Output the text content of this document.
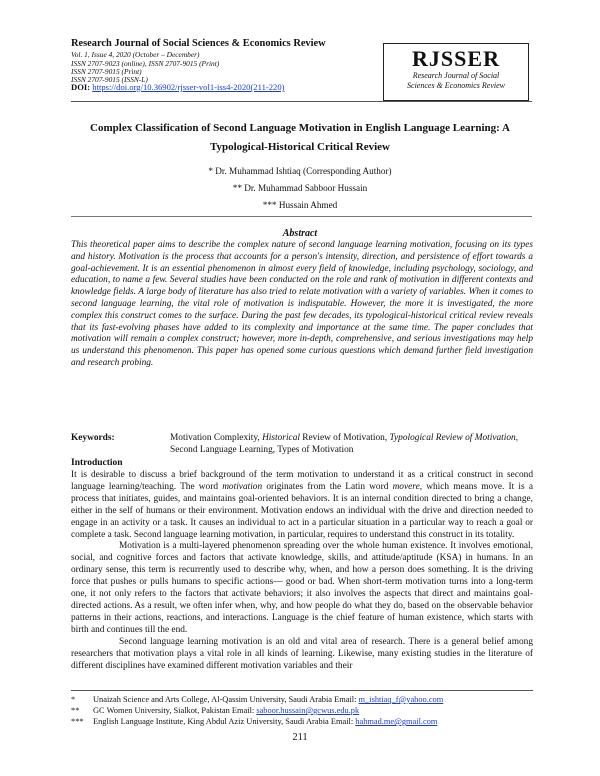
Research Journal of Social Sciences & Economics Review
Vol. 1, Issue 4, 2020 (October – December)
ISSN 2707-9023 (online), ISSN 2707-9015 (Print)
ISSN 2707-9015 (Print)
ISSN 2707-9015 (ISSN-L)
DOI: https://doi.org/10.36902/rjsser-vol1-iss4-2020(211-220)
RJSSER
Research Journal of Social
Sciences & Economics Review
Complex Classification of Second Language Motivation in English Language Learning: A
Typological-Historical Critical Review
* Dr. Muhammad Ishtiaq (Corresponding Author)
** Dr. Muhammad Sabboor Hussain
*** Hussain Ahmed
Abstract
This theoretical paper aims to describe the complex nature of second language learning motivation, focusing on its types and history. Motivation is the process that accounts for a person's intensity, direction, and persistence of effort towards a goal-achievement. It is an essential phenomenon in almost every field of knowledge, including psychology, sociology, and education, to name a few. Several studies have been conducted on the role and rank of motivation in different contexts and knowledge fields. A large body of literature has also tried to relate motivation with a variety of variables. When it comes to second language learning, the vital role of motivation is indisputable. However, the more it is investigated, the more complex this construct comes to the surface. During the past few decades, its typological-historical critical review reveals that its fast-evolving phases have added to its complexity and importance at the same time. The paper concludes that motivation will remain a complex construct; however, more in-depth, comprehensive, and serious investigations may help us understand this phenomenon. This paper has opened some curious questions which demand further field investigation and research probing.
Keywords:	Motivation Complexity, Historical Review of Motivation, Typological Review of Motivation, Second Language Learning, Types of Motivation
Introduction

It is desirable to discuss a brief background of the term motivation to understand it as a critical construct in second language learning/teaching. The word motivation originates from the Latin word movere, which means move. It is a process that initiates, guides, and maintains goal-oriented behaviors. It is an internal condition directed to bring a change, either in the self of humans or their environment. Motivation endows an individual with the drive and direction needed to engage in an activity or a task. It causes an individual to act in a particular situation in a particular way to reach a goal or complete a task. Second language learning motivation, in particular, requires to understand this construct in its totality.

Motivation is a multi-layered phenomenon spreading over the whole human existence. It involves emotional, social, and cognitive forces and factors that activate knowledge, skills, and attitude/aptitude (KSA) in humans. In an ordinary sense, this term is recurrently used to describe why, when, and how a person does something. It is the driving force that pushes or pulls humans to specific actions— good or bad. When short-term motivation turns into a long-term one, it not only refers to the factors that activate behaviors; it also involves the aspects that direct and maintains goal-directed actions. As a result, we often infer when, why, and how people do what they do, based on the observable behavior patterns in their actions, reactions, and interactions. Language is the chief feature of human existence, which starts with birth and continues till the end.

Second language learning motivation is an old and vital area of research. There is a general belief among researchers that motivation plays a vital role in all kinds of learning. Likewise, many existing studies in the literature of different disciplines have examined different motivation variables and their

* Unaizah Science and Arts College, Al-Qassim University, Saudi Arabia Email: m_ishtiaq_f@yahoo.com
** GC Women University, Sialkot, Pakistan Email: saboor.hussain@gcwus.edu.pk
*** English Language Institute, King Abdul Aziz University, Saudi Arabia Email: hahmad.me@gmail.com
211
